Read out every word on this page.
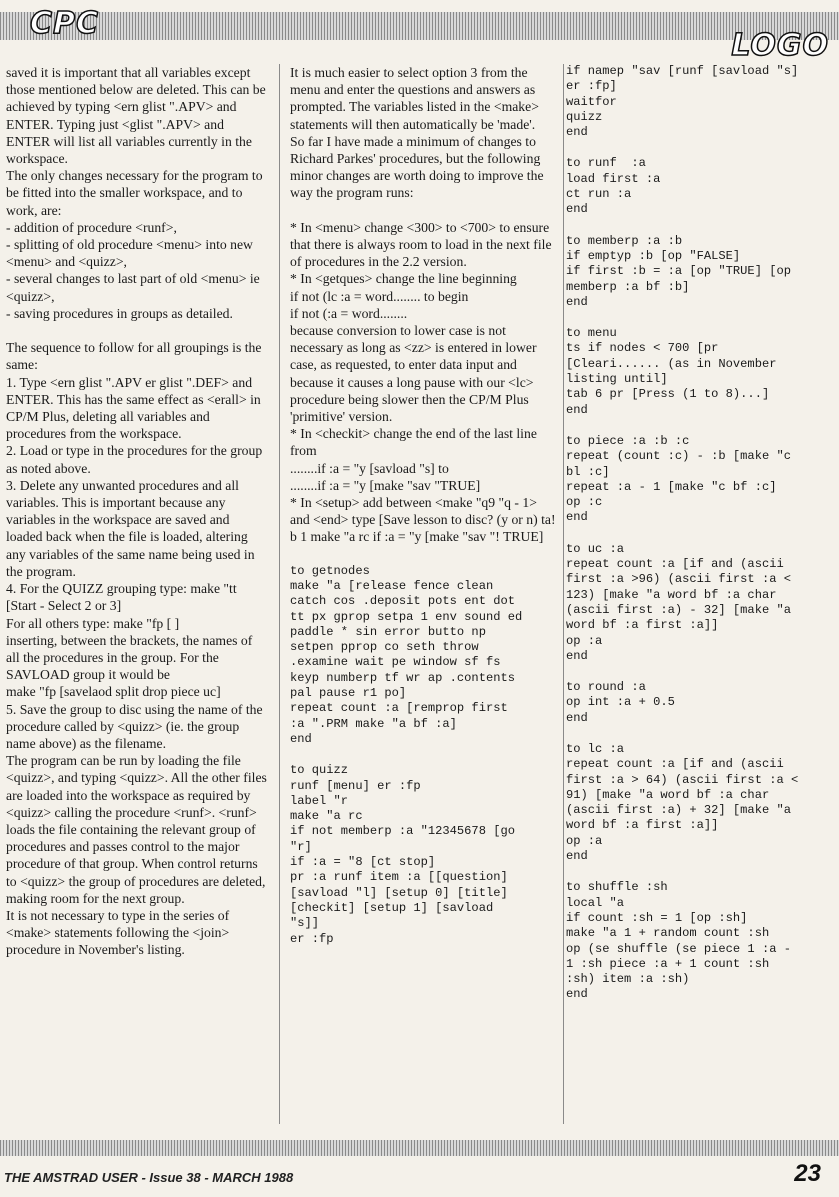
CPC
LOGO

saved it is important that all variables except those mentioned below are deleted. This can be achieved by typing <ern glist ".APV> and ENTER. Typing just <glist ".APV> and ENTER will list all variables currently in the workspace.

The only changes necessary for the program to be fitted into the smaller workspace, and to work, are:

- addition of procedure <runf>,

- splitting of old procedure <menu> into new <menu> and <quizz>,

- several changes to last part of old <menu> ie <quizz>,

- saving procedures in groups as detailed.

The sequence to follow for all groupings is the same:

1. Type <ern glist ".APV er glist ".DEF> and ENTER. This has the same effect as <erall> in CP/M Plus, deleting all variables and procedures from the workspace.

2. Load or type in the procedures for the group as noted above.

3. Delete any unwanted procedures and all variables. This is important because any variables in the workspace are saved and loaded back when the file is loaded, altering any variables of the same name being used in the program.

4. For the QUIZZ grouping type: make "tt [Start - Select 2 or 3]

For all others type: make "fp [ ]

inserting, between the brackets, the names of all the procedures in the group. For the SAVLOAD group it would be

make "fp [savelaod split drop piece uc]

5. Save the group to disc using the name of the procedure called by <quizz> (ie. the group name above) as the filename.

The program can be run by loading the file <quizz>, and typing <quizz>. All the other files are loaded into the workspace as required by <quizz> calling the procedure <runf>. <runf> loads the file containing the relevant group of procedures and passes control to the major procedure of that group. When control returns to <quizz> the group of procedures are deleted, making room for the next group.

It is not necessary to type in the series of <make> statements following the <join> procedure in November's listing.

It is much easier to select option 3 from the menu and enter the questions and answers as prompted. The variables listed in the <make> statements will then automatically be 'made'.

So far I have made a minimum of changes to Richard Parkes' procedures, but the following minor changes are worth doing to improve the way the program runs:

* In <menu> change <300> to <700> to ensure that there is always room to load in the next file of procedures in the 2.2 version.

* In <getques> change the line beginning

if not (lc :a = word........ to begin

if not (:a = word........

because conversion to lower case is not necessary as long as <zz> is entered in lower case, as requested, to enter data input and because it causes a long pause with our <lc> procedure being slower then the CP/M Plus 'primitive' version.

* In <checkit> change the end of the last line from

........if :a = "y [savload "s] to

........if :a = "y [make "sav "TRUE]

* In <setup> add between <make "q9 "q - 1> and <end> type [Save lesson to disc? (y or n) ta! b 1 make "a rc if :a = "y [make "sav "! TRUE]

to getnodes
make "a [release fence clean
catch cos .deposit pots ent dot
tt px gprop setpa 1 env sound ed
paddle * sin error butto np
setpen pprop co seth throw
.examine wait pe window sf fs
keyp numberp tf wr ap .contents
pal pause r1 po]
repeat count :a [remprop first
:a ".PRM make "a bf :a]
end
to quizz
runf [menu] er :fp
label "r
make "a rc
if not memberp :a "12345678 [go
"r]
if :a = "8 [ct stop]
pr :a runf item :a [[question]
[savload "l] [setup 0] [title]
[checkit] [setup 1] [savload
"s]]
er :fp
if namep "sav [runf [savload "s]
er :fp]
waitfor
quizz
end
to runf  :a
load first :a
ct run :a
end
to memberp :a :b
if emptyp :b [op "FALSE]
if first :b = :a [op "TRUE] [op
memberp :a bf :b]
end
to menu
ts if nodes < 700 [pr
[Cleari...... (as in November
listing until]
tab 6 pr [Press (1 to 8)...]
end
to piece :a :b :c
repeat (count :c) - :b [make "c
bl :c]
repeat :a - 1 [make "c bf :c]
op :c
end
to uc :a
repeat count :a [if and (ascii
first :a >96) (ascii first :a <
123) [make "a word bf :a char
(ascii first :a) - 32] [make "a
word bf :a first :a]]
op :a
end
to round :a
op int :a + 0.5
end
to lc :a
repeat count :a [if and (ascii
first :a > 64) (ascii first :a <
91) [make "a word bf :a char
(ascii first :a) + 32] [make "a
word bf :a first :a]]
op :a
end
to shuffle :sh
local "a
if count :sh = 1 [op :sh]
make "a 1 + random count :sh
op (se shuffle (se piece 1 :a -
1 :sh piece :a + 1 count :sh
:sh) item :a :sh)
end
THE AMSTRAD USER - Issue 38 - MARCH 1988	23
